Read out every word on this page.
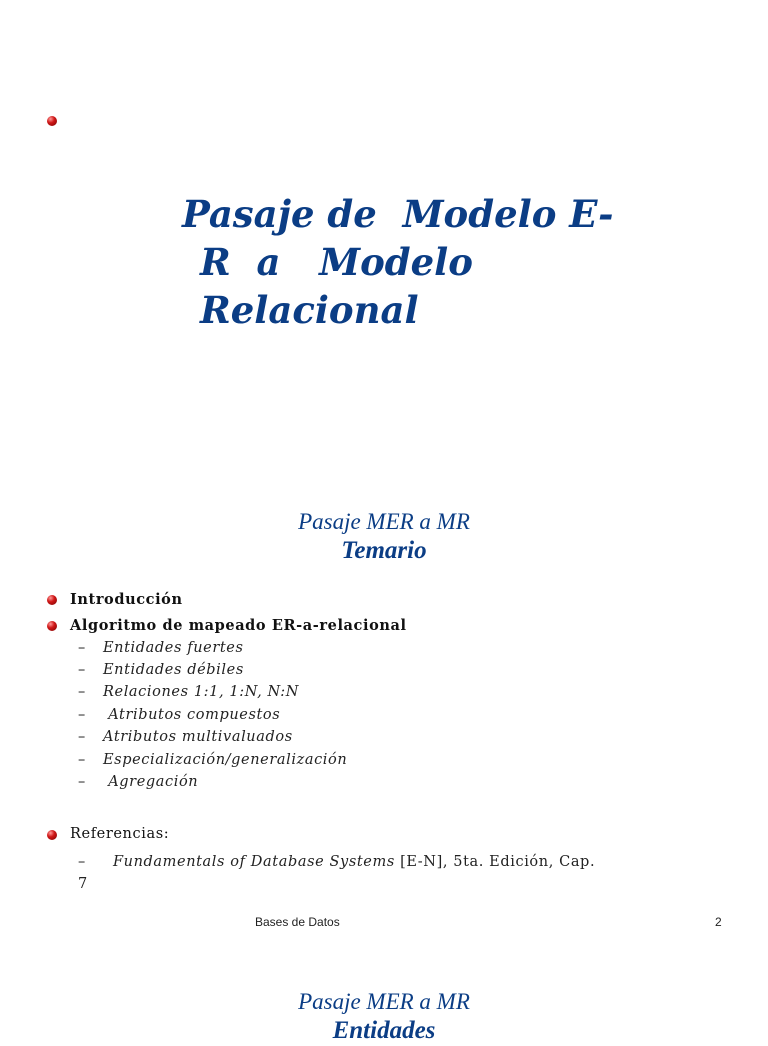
Pasaje de  Modelo E-
R  a   Modelo
Relacional
Pasaje MER a MR
Temario
Introducción
Algoritmo de mapeado ER-a-relacional
– Entidades fuertes
– Entidades débiles
– Relaciones 1:1, 1:N, N:N
– Atributos compuestos
– Atributos multivaluados
– Especialización/generalización
– Agregación
Referencias:
– Fundamentals of Database Systems [E-N], 5ta. Edición, Cap.
7
Bases de Datos	2
Pasaje MER a MR
Entidades
